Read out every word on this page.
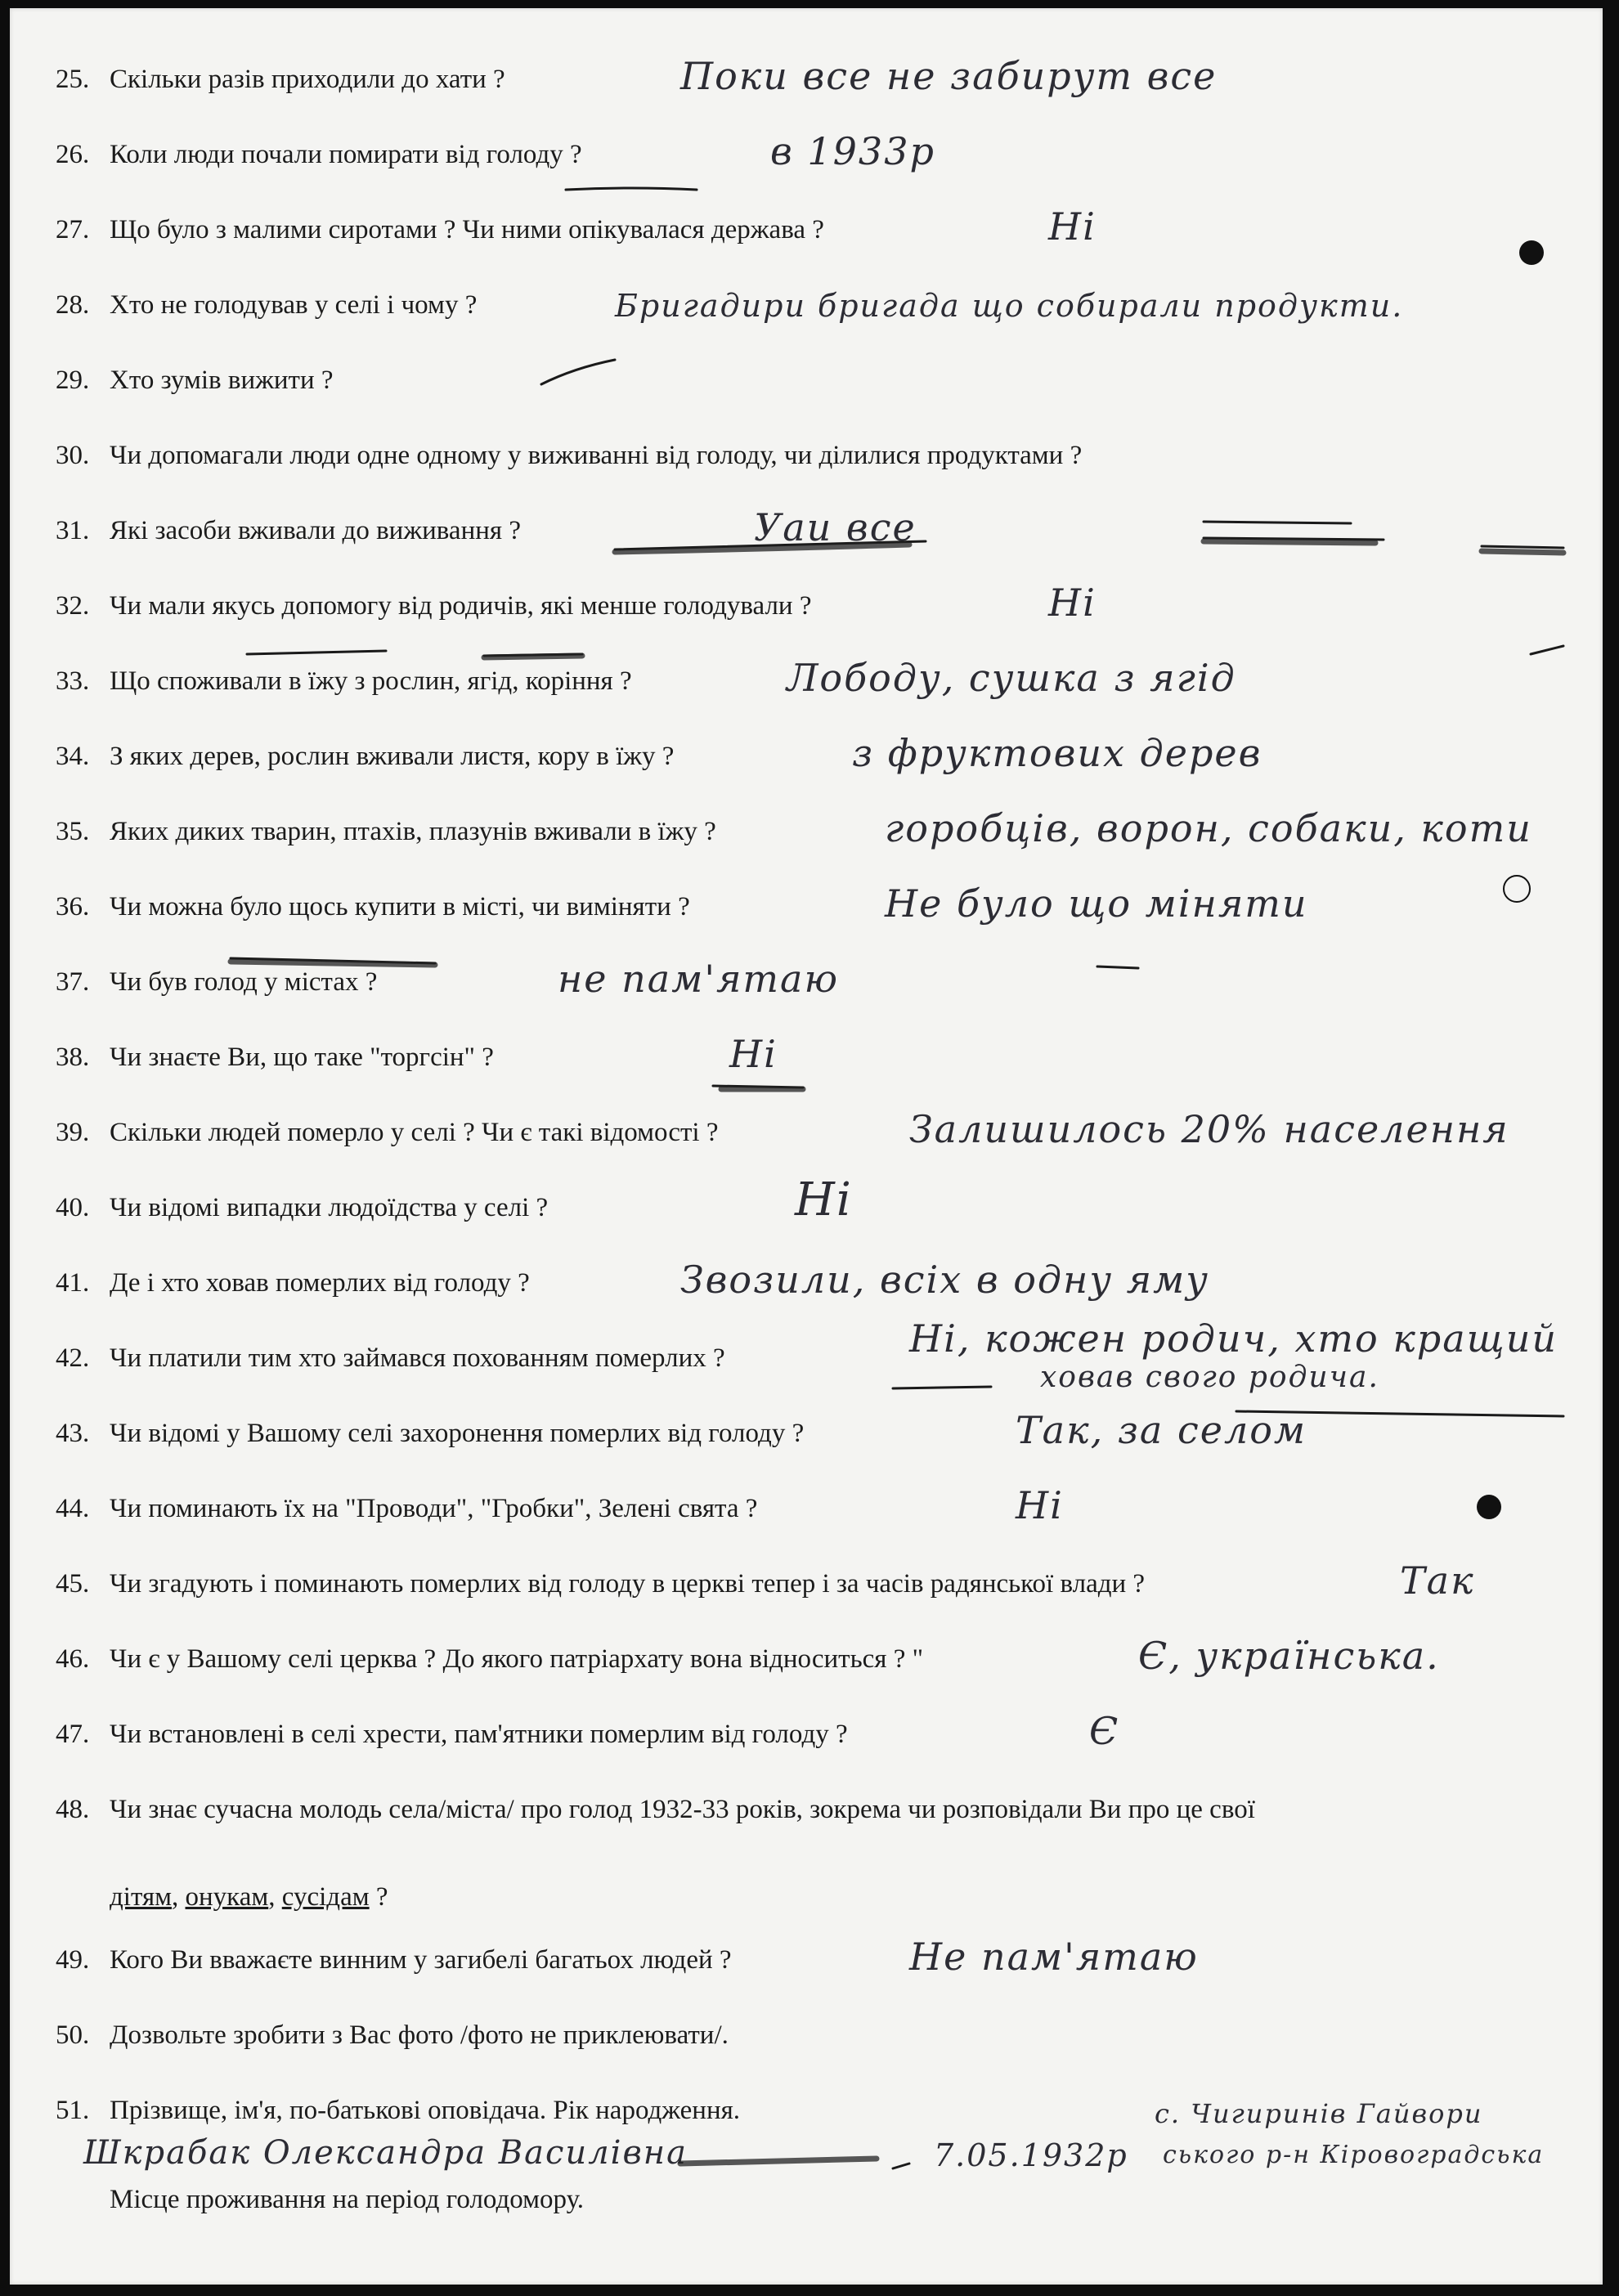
25. Скільки разів приходили до хати ?	Поки все не забирут все
26. Коли люди почали помирати від голоду ?	в 1933р
27. Що було з малими сиротами ? Чи ними опікувалася держава ?	Ні
28. Хто не голодував у селі і чому ?	Бригадири бригада що собирали продукти.
29. Хто зумів вижити ?
30. Чи допомагали люди одне одному у виживанні від голоду, чи ділилися продуктами ?
31. Які засоби вживали до виживання ?	Уаи все
32. Чи мали якусь допомогу від родичів, які менше голодували ?	Ні
33. Що споживали в їжу з рослин, ягід, коріння ?	Лободу, сушка з ягід
34. З яких дерев, рослин вживали листя, кору в їжу ?	з фруктових дерев
35. Яких диких тварин, птахів, плазунів вживали в їжу ?	горобців, ворон, собаки, коти
36. Чи можна було щось купити в місті, чи виміняти ?	Не було що міняти
37. Чи був голод у містах ?	не пам'ятаю
38. Чи знаєте Ви, що таке "торгсін" ?	Ні
39. Скільки людей померло у селі ? Чи є такі відомості ?	Залишилось 20% населення
40. Чи відомі випадки людоїдства у селі ?	Ні
41. Де і хто ховав померлих від голоду ?	Звозили, всіх в одну яму
42. Чи платили тим хто займався похованням померлих ?	Ні, кожен родич, хто кращий
ховав свого родича.
43. Чи відомі у Вашому селі захоронення померлих від голоду ?	Так, за селом
44. Чи поминають їх на "Проводи", "Гробки", Зелені свята ?	Ні
45. Чи згадують і поминають померлих від голоду в церкві тепер і за часів радянської влади ?	Так
46. Чи є у Вашому селі церква ? До якого патріархату вона відноситься ? "	Є, українська.
47. Чи встановлені в селі хрести, пам'ятники померлим від голоду ?	Є
48. Чи знає сучасна молодь села/міста/ про голод 1932-33 років, зокрема чи розповідали Ви про це свої
дітям, онукам, сусідам ?
49. Кого Ви вважаєте винним у загибелі багатьох людей ?	Не пам'ятаю
50. Дозвольте зробити з Вас фото /фото не приклеювати/.
51. Прізвище, ім'я, по-батькові оповідача. Рік народження.
Шкрабак Олександра Василівна	7.05.1932р
с. Чигиринів Гайвори
ського р-н Кіровоградська
Місце проживання на період голодомору.
